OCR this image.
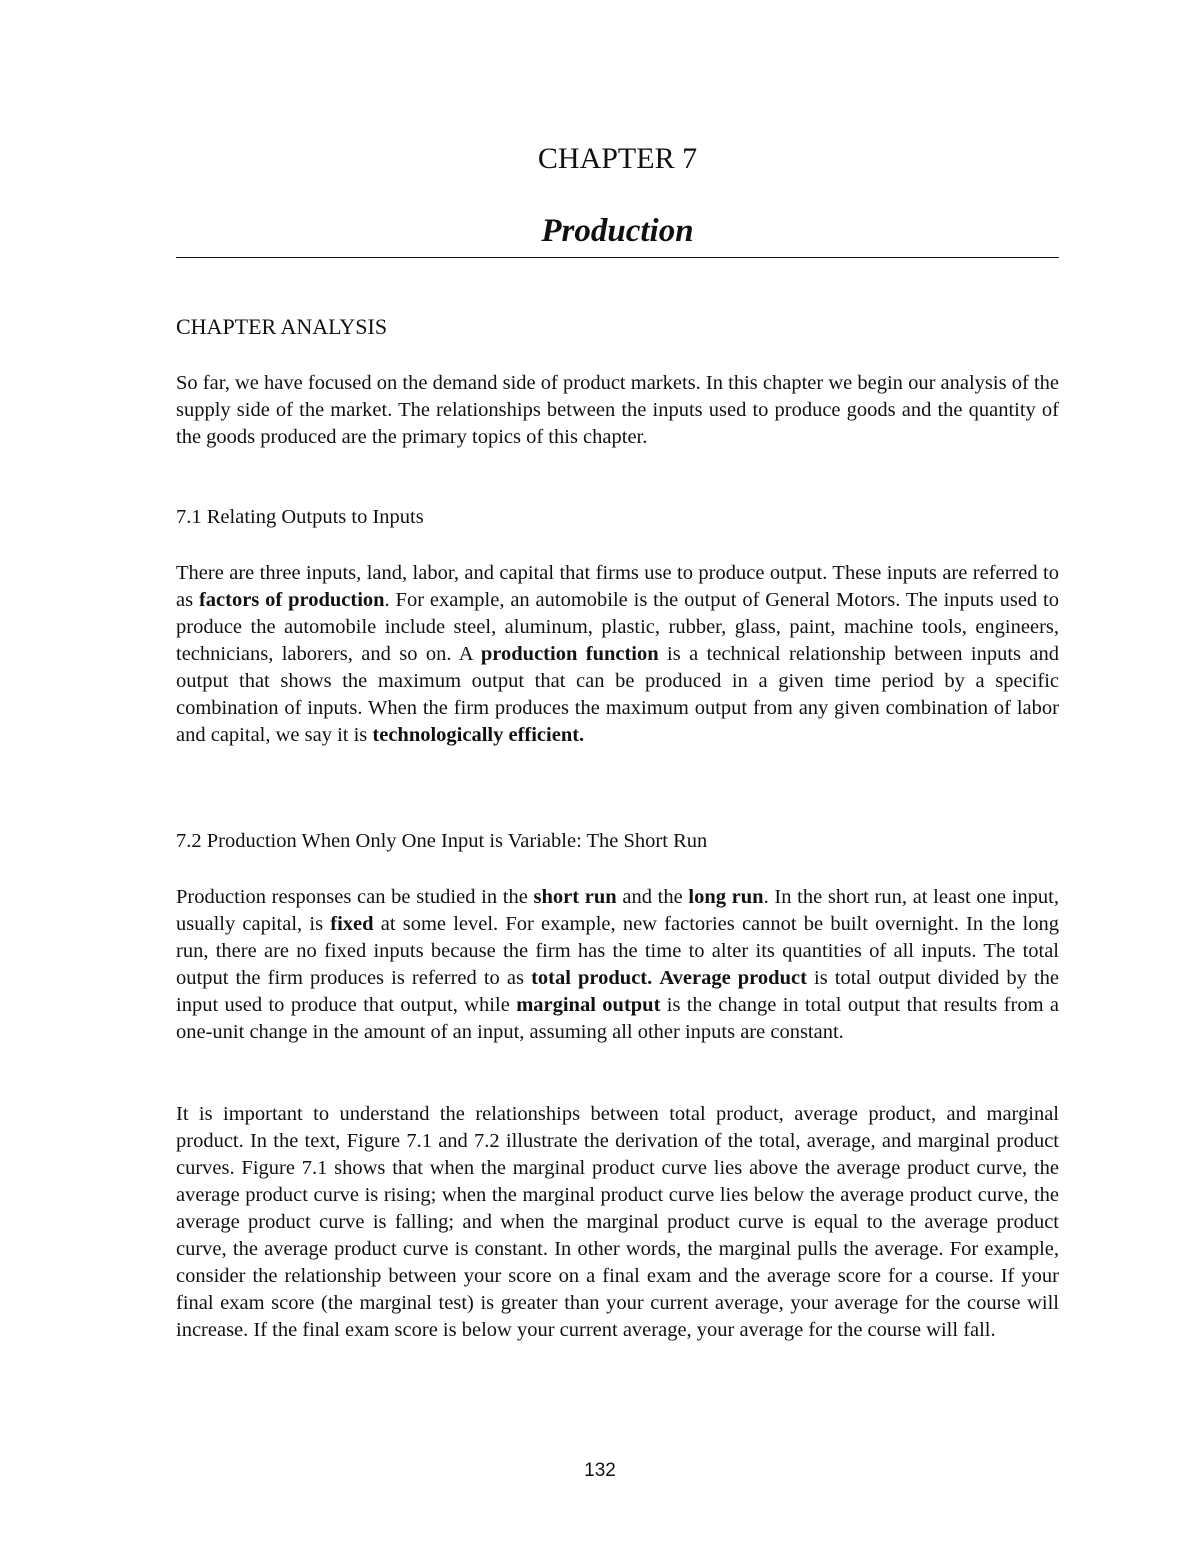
CHAPTER 7
Production
CHAPTER ANALYSIS

So far, we have focused on the demand side of product markets. In this chapter we begin our analysis of the supply side of the market. The relationships between the inputs used to produce goods and the quantity of the goods produced are the primary topics of this chapter.

7.1 Relating Outputs to Inputs

There are three inputs, land, labor, and capital that firms use to produce output. These inputs are referred to as factors of production. For example, an automobile is the output of General Motors. The inputs used to produce the automobile include steel, aluminum, plastic, rubber, glass, paint, machine tools, engineers, technicians, laborers, and so on. A production function is a technical relationship between inputs and output that shows the maximum output that can be produced in a given time period by a specific combination of inputs. When the firm produces the maximum output from any given combination of labor and capital, we say it is technologically efficient.

7.2 Production When Only One Input is Variable: The Short Run

Production responses can be studied in the short run and the long run. In the short run, at least one input, usually capital, is fixed at some level. For example, new factories cannot be built overnight. In the long run, there are no fixed inputs because the firm has the time to alter its quantities of all inputs. The total output the firm produces is referred to as total product. Average product is total output divided by the input used to produce that output, while marginal output is the change in total output that results from a one-unit change in the amount of an input, assuming all other inputs are constant.

It is important to understand the relationships between total product, average product, and marginal product. In the text, Figure 7.1 and 7.2 illustrate the derivation of the total, average, and marginal product curves. Figure 7.1 shows that when the marginal product curve lies above the average product curve, the average product curve is rising; when the marginal product curve lies below the average product curve, the average product curve is falling; and when the marginal product curve is equal to the average product curve, the average product curve is constant. In other words, the marginal pulls the average. For example, consider the relationship between your score on a final exam and the average score for a course. If your final exam score (the marginal test) is greater than your current average, your average for the course will increase. If the final exam score is below your current average, your average for the course will fall.

132
